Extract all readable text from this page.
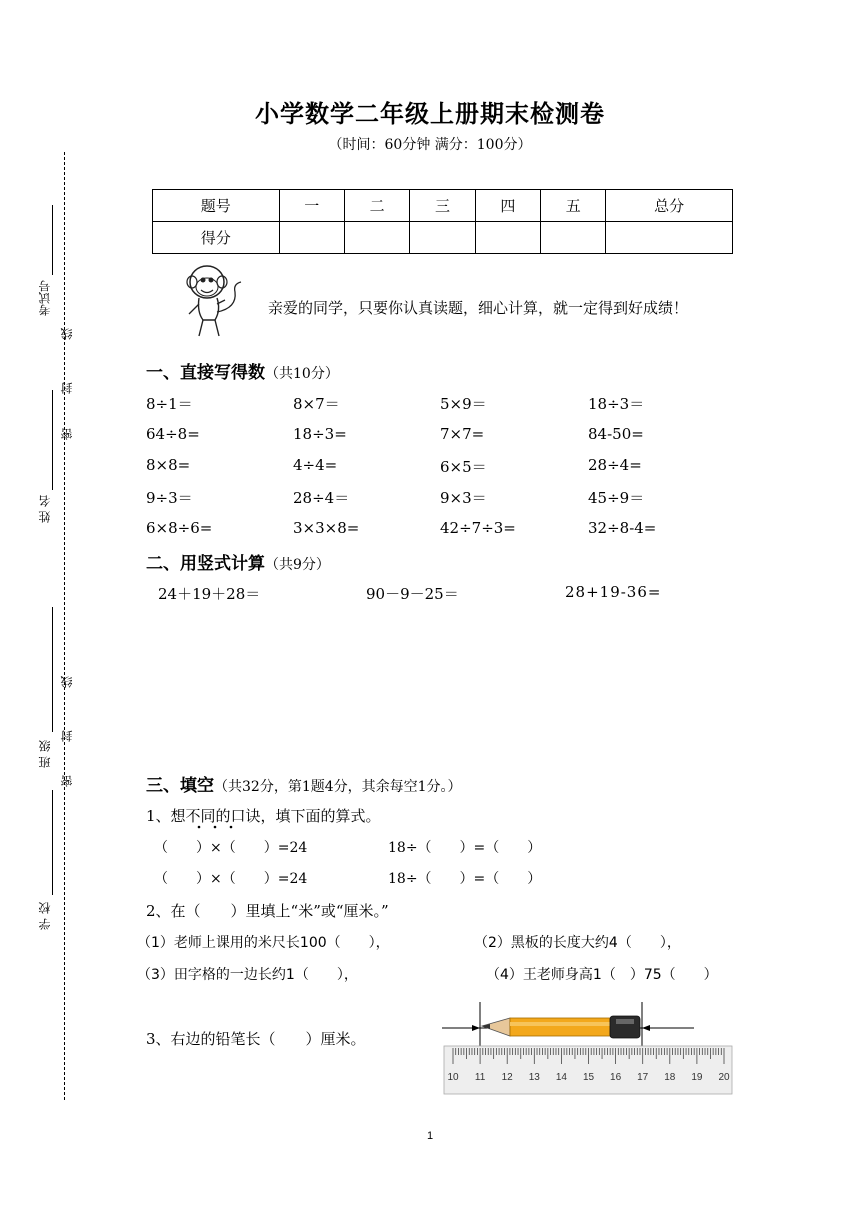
考试号
线
封
密
姓 名
线
封
密
班 级
学 校
小学数学二年级上册期末检测卷
（时间：60分钟 满分：100分）
题号	一	二	三	四	五	总分
得分						
亲爱的同学，只要你认真读题，细心计算，就一定得到好成绩！
一、直接写得数（共10分）
8÷1＝	8×7＝	5×9＝	18÷3＝
64÷8=	18÷3=	7×7=	84-50=
8×8=	4÷4=	6×5＝	28÷4=
9÷3＝	28÷4＝	9×3＝	45÷9＝
6×8÷6=	3×3×8=	42÷7÷3=	32÷8-4=
二、用竖式计算（共9分）
24＋19＋28＝	90－9－25＝	28+19-36=
三、填空（共32分，第1题4分，其余每空1分。）
1、想不同的口诀，填下面的算式。
（　　）×（　　）=24	18÷（　　）=（　　）
（　　）×（　　）=24	18÷（　　）=（　　）
2、在（　　）里填上“米”或“厘米。”
（1）老师上课用的米尺长100（　　），	（2）黑板的长度大约4（　　），
（3）田字格的一边长约1（　　），	（4）王老师身高1（　）75（　　）
3、右边的铅笔长（　　）厘米。
10 11 12 13 14 15 16 17 18 19 20
1
